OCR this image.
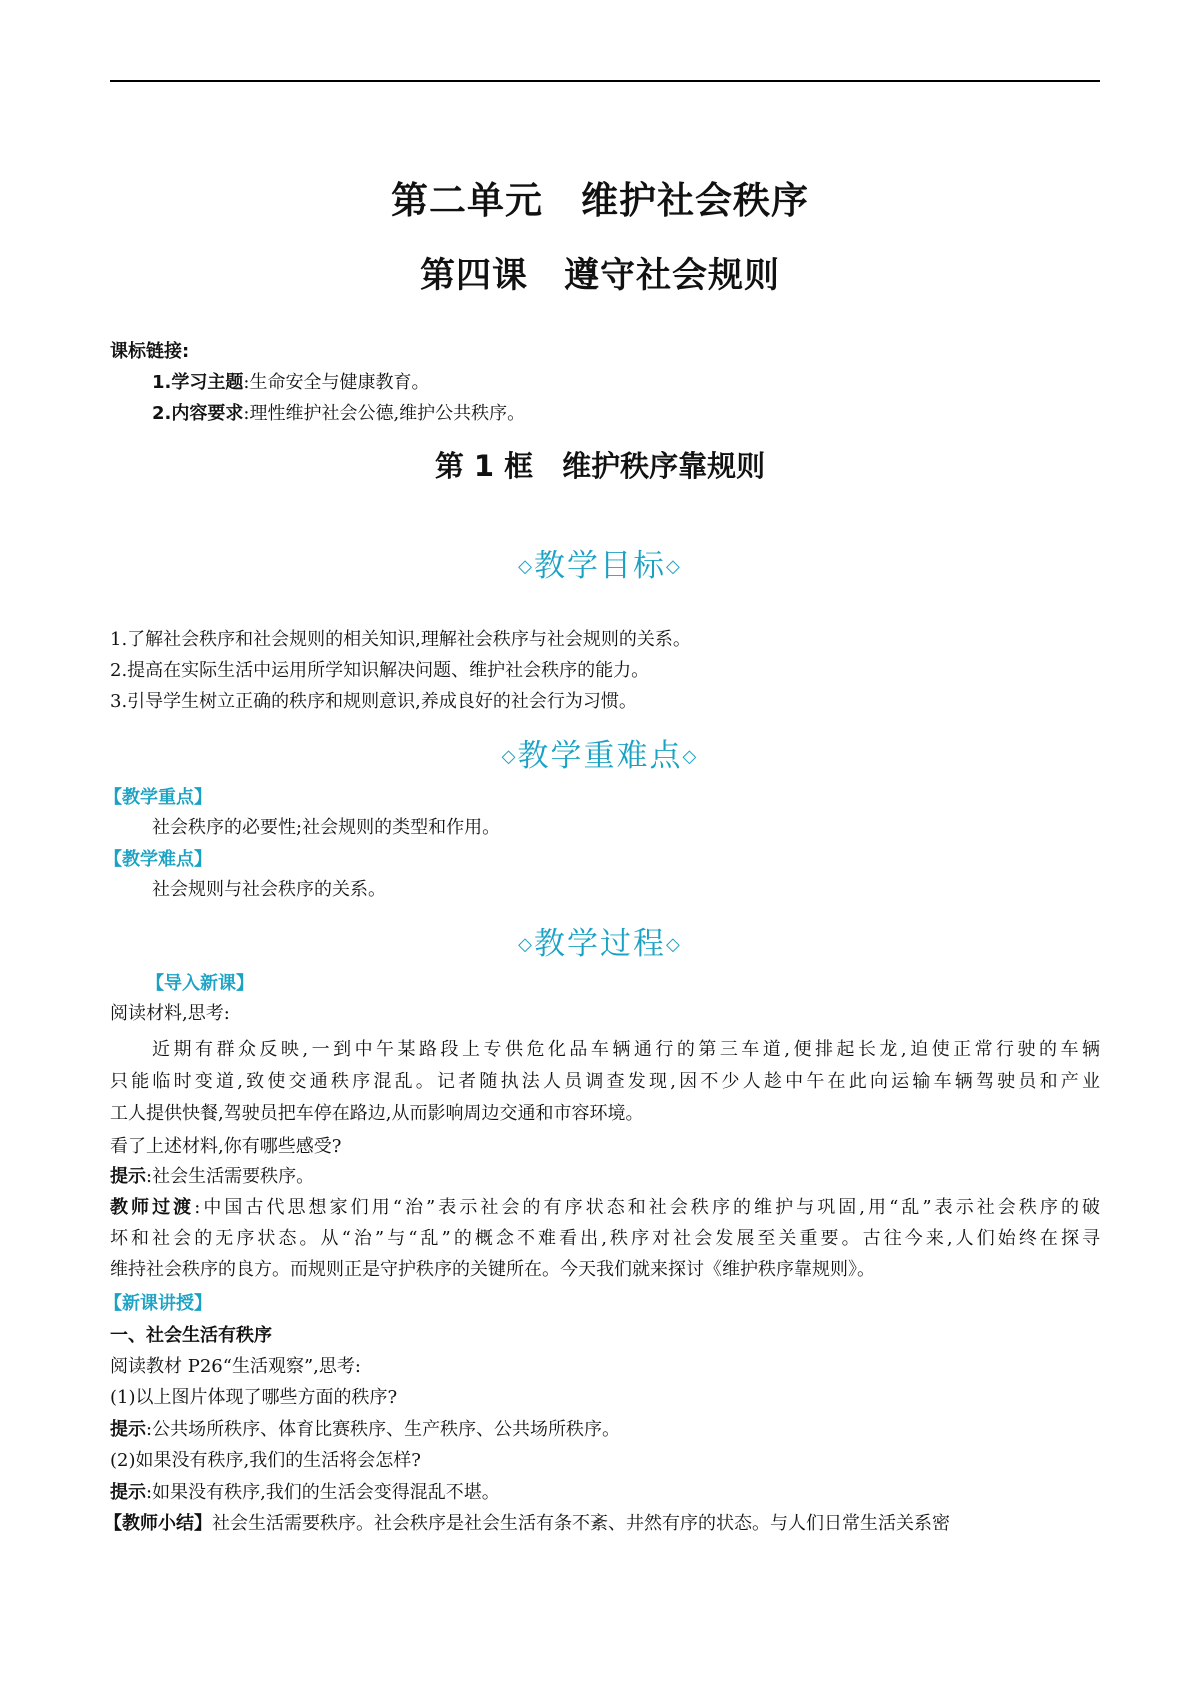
第二单元　维护社会秩序
第四课　遵守社会规则
课标链接:
1.学习主题:生命安全与健康教育。
2.内容要求:理性维护社会公德,维护公共秩序。
第 1 框　维护秩序靠规则
◇教学目标◇
1.了解社会秩序和社会规则的相关知识,理解社会秩序与社会规则的关系。
2.提高在实际生活中运用所学知识解决问题、维护社会秩序的能力。
3.引导学生树立正确的秩序和规则意识,养成良好的社会行为习惯。
◇教学重难点◇
【教学重点】
社会秩序的必要性;社会规则的类型和作用。
【教学难点】
社会规则与社会秩序的关系。
◇教学过程◇
【导入新课】
阅读材料,思考:
近期有群众反映,一到中午某路段上专供危化品车辆通行的第三车道,便排起长龙,迫使正常行驶的车辆
只能临时变道,致使交通秩序混乱。记者随执法人员调查发现,因不少人趁中午在此向运输车辆驾驶员和产业
工人提供快餐,驾驶员把车停在路边,从而影响周边交通和市容环境。
看了上述材料,你有哪些感受?
提示:社会生活需要秩序。
教师过渡:中国古代思想家们用“治”表示社会的有序状态和社会秩序的维护与巩固,用“乱”表示社会秩序的破
坏和社会的无序状态。从“治”与“乱”的概念不难看出,秩序对社会发展至关重要。古往今来,人们始终在探寻
维持社会秩序的良方。而规则正是守护秩序的关键所在。今天我们就来探讨《维护秩序靠规则》。
【新课讲授】
一、社会生活有秩序
阅读教材 P26“生活观察”,思考:
(1)以上图片体现了哪些方面的秩序?
提示:公共场所秩序、体育比赛秩序、生产秩序、公共场所秩序。
(2)如果没有秩序,我们的生活将会怎样?
提示:如果没有秩序,我们的生活会变得混乱不堪。
【教师小结】社会生活需要秩序。社会秩序是社会生活有条不紊、井然有序的状态。与人们日常生活关系密
